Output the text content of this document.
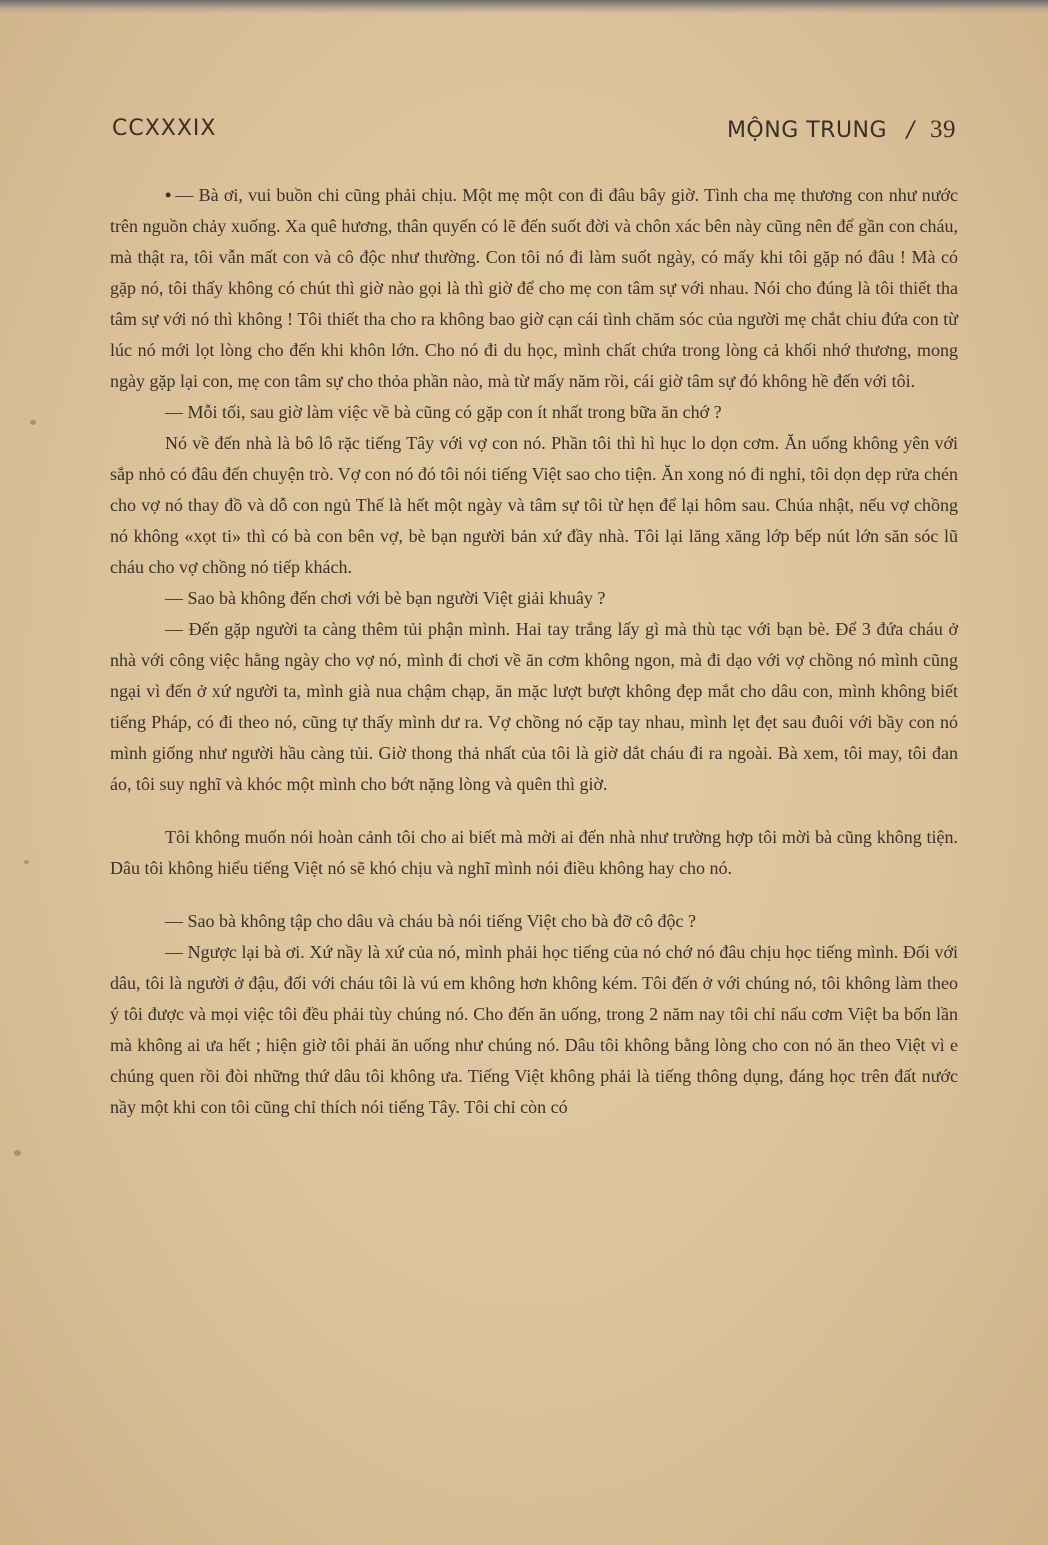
CCXXXIX	MỘNG TRUNG / 39

• — Bà ơi, vui buồn chi cũng phải chịu. Một mẹ một con đi đâu bây giờ. Tình cha mẹ thương con như nước trên nguồn chảy xuống. Xa quê hương, thân quyến có lẽ đến suốt đời và chôn xác bên này cũng nên để gần con cháu, mà thật ra, tôi vẫn mất con và cô độc như thường. Con tôi nó đi làm suốt ngày, có mấy khi tôi gặp nó đâu ! Mà có gặp nó, tôi thấy không có chút thì giờ nào gọi là thì giờ để cho mẹ con tâm sự với nhau. Nói cho đúng là tôi thiết tha tâm sự với nó thì không ! Tôi thiết tha cho ra không bao giờ cạn cái tình chăm sóc của người mẹ chắt chiu đứa con từ lúc nó mới lọt lòng cho đến khi khôn lớn. Cho nó đi du học, mình chất chứa trong lòng cả khối nhớ thương, mong ngày gặp lại con, mẹ con tâm sự cho thỏa phần nào, mà từ mấy năm rồi, cái giờ tâm sự đó không hề đến với tôi.

— Mỗi tối, sau giờ làm việc về bà cũng có gặp con ít nhất trong bữa ăn chớ ?

Nó về đến nhà là bô lô rặc tiếng Tây với vợ con nó. Phần tôi thì hì hục lo dọn cơm. Ăn uống không yên với sắp nhỏ có đâu đến chuyện trò. Vợ con nó đó tôi nói tiếng Việt sao cho tiện. Ăn xong nó đi nghỉ, tôi dọn dẹp rửa chén cho vợ nó thay đồ và dỗ con ngủ Thế là hết một ngày và tâm sự tôi từ hẹn để lại hôm sau. Chúa nhật, nếu vợ chồng nó không «xọt ti» thì có bà con bên vợ, bè bạn người bản xứ đầy nhà. Tôi lại lăng xăng lớp bếp nút lớn săn sóc lũ cháu cho vợ chồng nó tiếp khách.

— Sao bà không đến chơi với bè bạn người Việt giải khuây ?

— Đến gặp người ta càng thêm tủi phận mình. Hai tay trắng lấy gì mà thù tạc với bạn bè. Để 3 đứa cháu ở nhà với công việc hằng ngày cho vợ nó, mình đi chơi về ăn cơm không ngon, mà đi dạo với vợ chồng nó mình cũng ngại vì đến ở xứ người ta, mình già nua chậm chạp, ăn mặc lượt bượt không đẹp mắt cho dâu con, mình không biết tiếng Pháp, có đi theo nó, cũng tự thấy mình dư ra. Vợ chồng nó cặp tay nhau, mình lẹt đẹt sau đuôi với bầy con nó mình giống như người hầu càng tủi. Giờ thong thả nhất của tôi là giờ dắt cháu đi ra ngoài. Bà xem, tôi may, tôi đan áo, tôi suy nghĩ và khóc một mình cho bớt nặng lòng và quên thì giờ.

Tôi không muốn nói hoàn cảnh tôi cho ai biết mà mời ai đến nhà như trường hợp tôi mời bà cũng không tiện. Dâu tôi không hiểu tiếng Việt nó sẽ khó chịu và nghĩ mình nói điều không hay cho nó.

— Sao bà không tập cho dâu và cháu bà nói tiếng Việt cho bà đỡ cô độc ?

— Ngược lại bà ơi. Xứ nầy là xứ của nó, mình phải học tiếng của nó chớ nó đâu chịu học tiếng mình. Đối với dâu, tôi là người ở đậu, đối với cháu tôi là vú em không hơn không kém. Tôi đến ở với chúng nó, tôi không làm theo ý tôi được và mọi việc tôi đều phải tùy chúng nó. Cho đến ăn uống, trong 2 năm nay tôi chỉ nấu cơm Việt ba bốn lần mà không ai ưa hết ; hiện giờ tôi phải ăn uống như chúng nó. Dâu tôi không bằng lòng cho con nó ăn theo Việt vì e chúng quen rồi đòi những thứ dâu tôi không ưa. Tiếng Việt không phải là tiếng thông dụng, đáng học trên đất nước nầy một khi con tôi cũng chỉ thích nói tiếng Tây. Tôi chỉ còn có
